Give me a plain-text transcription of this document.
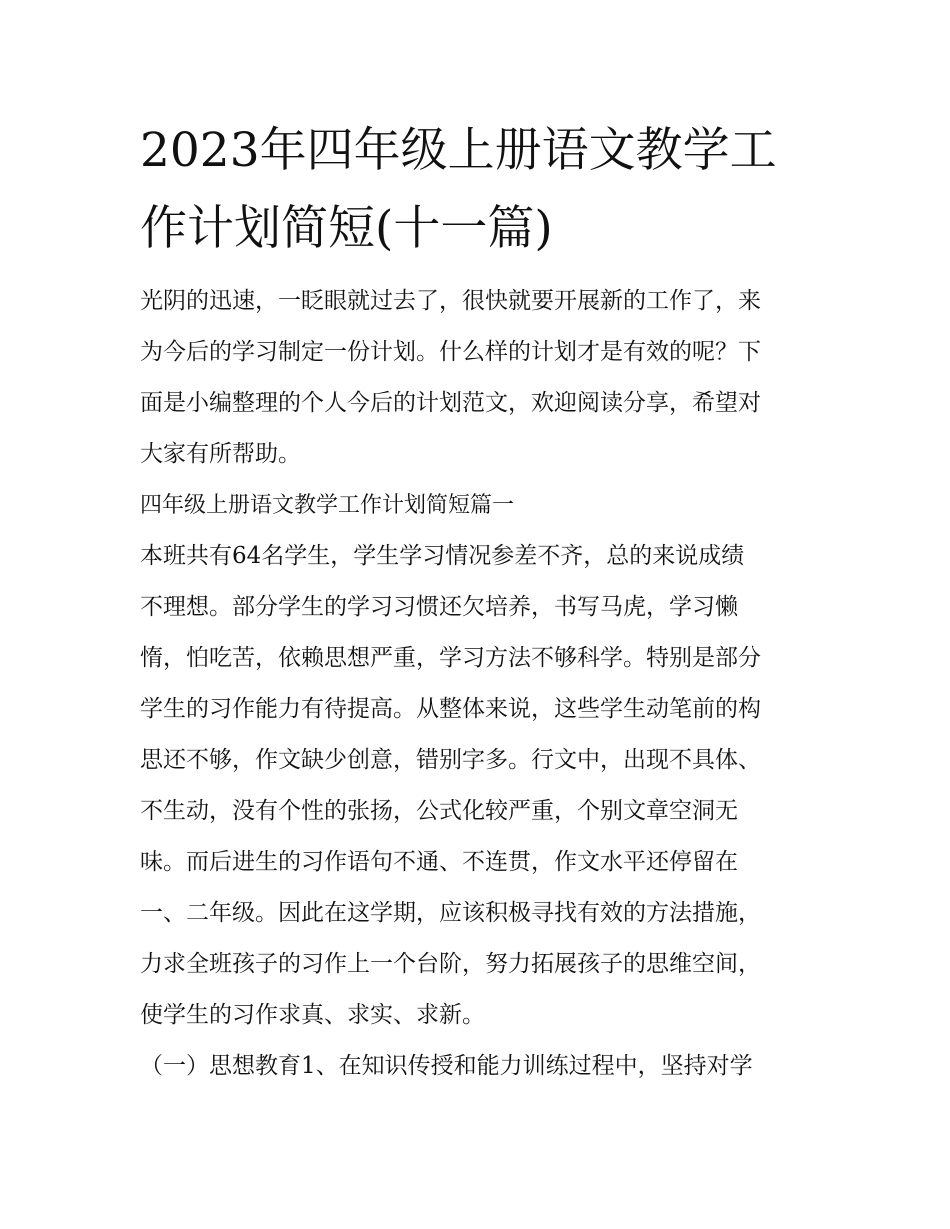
2023年四年级上册语文教学工
作计划简短(十一篇)

光阴的迅速，一眨眼就过去了，很快就要开展新的工作了，来
为今后的学习制定一份计划。什么样的计划才是有效的呢？下
面是小编整理的个人今后的计划范文，欢迎阅读分享，希望对
大家有所帮助。

四年级上册语文教学工作计划简短篇一

本班共有64名学生，学生学习情况参差不齐，总的来说成绩
不理想。部分学生的学习习惯还欠培养，书写马虎，学习懒
惰，怕吃苦，依赖思想严重，学习方法不够科学。特别是部分
学生的习作能力有待提高。从整体来说，这些学生动笔前的构
思还不够，作文缺少创意，错别字多。行文中，出现不具体、
不生动，没有个性的张扬，公式化较严重，个别文章空洞无
味。而后进生的习作语句不通、不连贯，作文水平还停留在
一、二年级。因此在这学期，应该积极寻找有效的方法措施，
力求全班孩子的习作上一个台阶，努力拓展孩子的思维空间，
使学生的习作求真、求实、求新。

（一）思想教育1、在知识传授和能力训练过程中，坚持对学
